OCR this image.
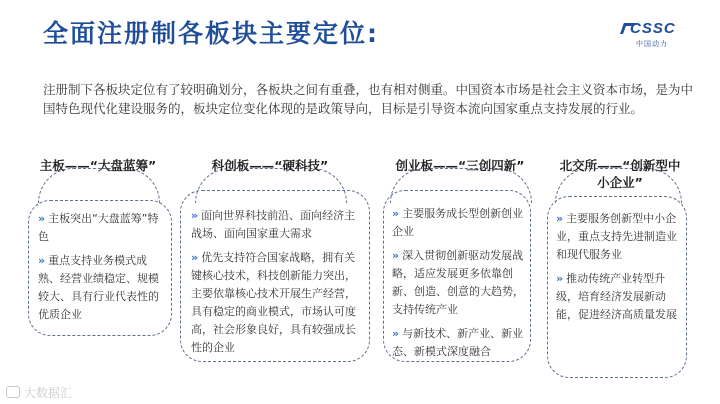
全面注册制各板块主要定位:	CSSC
中国动力
注册制下各板块定位有了较明确划分，各板块之间有重叠，也有相对侧重。中国资本市场是社会主义资本市场，是为中国特色现代化建设服务的，板块定位变化体现的是政策导向，目标是引导资本流向国家重点支持发展的行业。
主板——“大盘蓝筹”
» 主板突出“大盘蓝筹”特色
» 重点支持业务模式成熟、经营业绩稳定、规模较大、具有行业代表性的优质企业
科创板——“硬科技”
» 面向世界科技前沿、面向经济主战场、面向国家重大需求
» 优先支持符合国家战略，拥有关键核心技术，科技创新能力突出，主要依靠核心技术开展生产经营，具有稳定的商业模式，市场认可度高，社会形象良好，具有较强成长性的企业
创业板——“三创四新”
» 主要服务成长型创新创业企业
» 深入贯彻创新驱动发展战略，适应发展更多依靠创新、创造、创意的大趋势，支持传统产业
» 与新技术、新产业、新业态、新模式深度融合
北交所——“创新型中小企业”
» 主要服务创新型中小企业，重点支持先进制造业和现代服务业
» 推动传统产业转型升级，培育经济发展新动能，促进经济高质量发展
大数据汇
